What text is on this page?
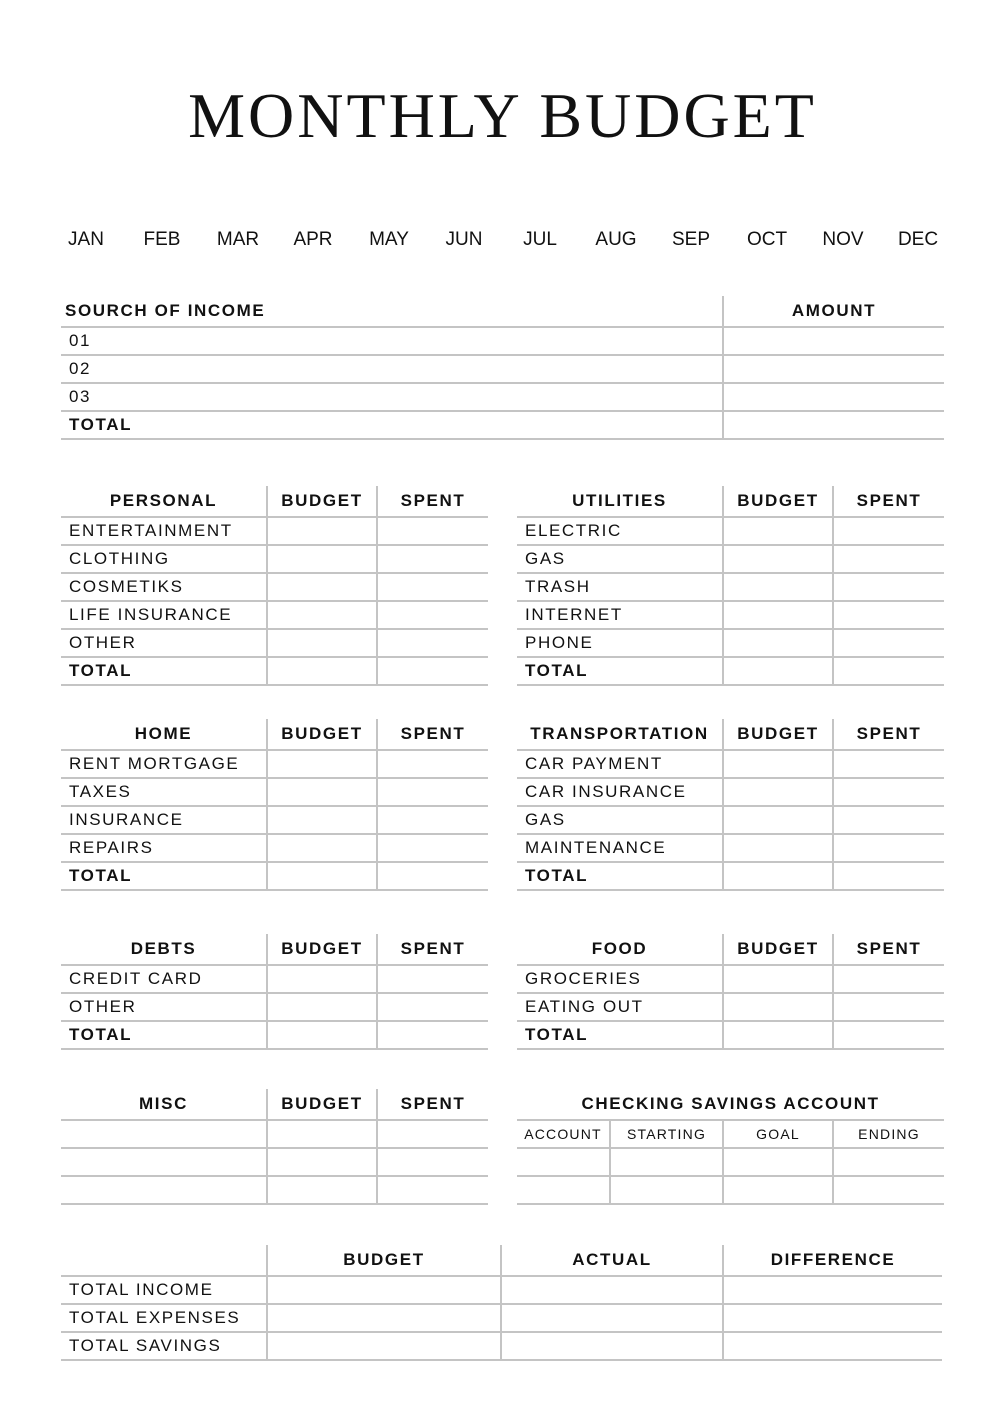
MONTHLY BUDGET
JAN	FEB	MAR	APR	MAY	JUN	JUL	AUG	SEP	OCT	NOV	DEC
SOURCH OF INCOME	AMOUNT
01	
02	
03	
TOTAL	
PERSONAL	BUDGET	SPENT
ENTERTAINMENT		
CLOTHING		
COSMETIKS		
LIFE INSURANCE		
OTHER		
TOTAL		
UTILITIES	BUDGET	SPENT
ELECTRIC		
GAS		
TRASH		
INTERNET		
PHONE		
TOTAL		
HOME	BUDGET	SPENT
RENT MORTGAGE		
TAXES		
INSURANCE		
REPAIRS		
TOTAL		
TRANSPORTATION	BUDGET	SPENT
CAR PAYMENT		
CAR INSURANCE		
GAS		
MAINTENANCE		
TOTAL		
DEBTS	BUDGET	SPENT
CREDIT CARD		
OTHER		
TOTAL		
FOOD	BUDGET	SPENT
GROCERIES		
EATING OUT		
TOTAL		
MISC	BUDGET	SPENT

			CHECKING SAVINGS ACCOUNT			
ACCOUNT	STARTING	GOAL	ENDING

	BUDGET	ACTUAL	DIFFERENCE
TOTAL INCOME			
TOTAL EXPENSES			
TOTAL SAVINGS			
